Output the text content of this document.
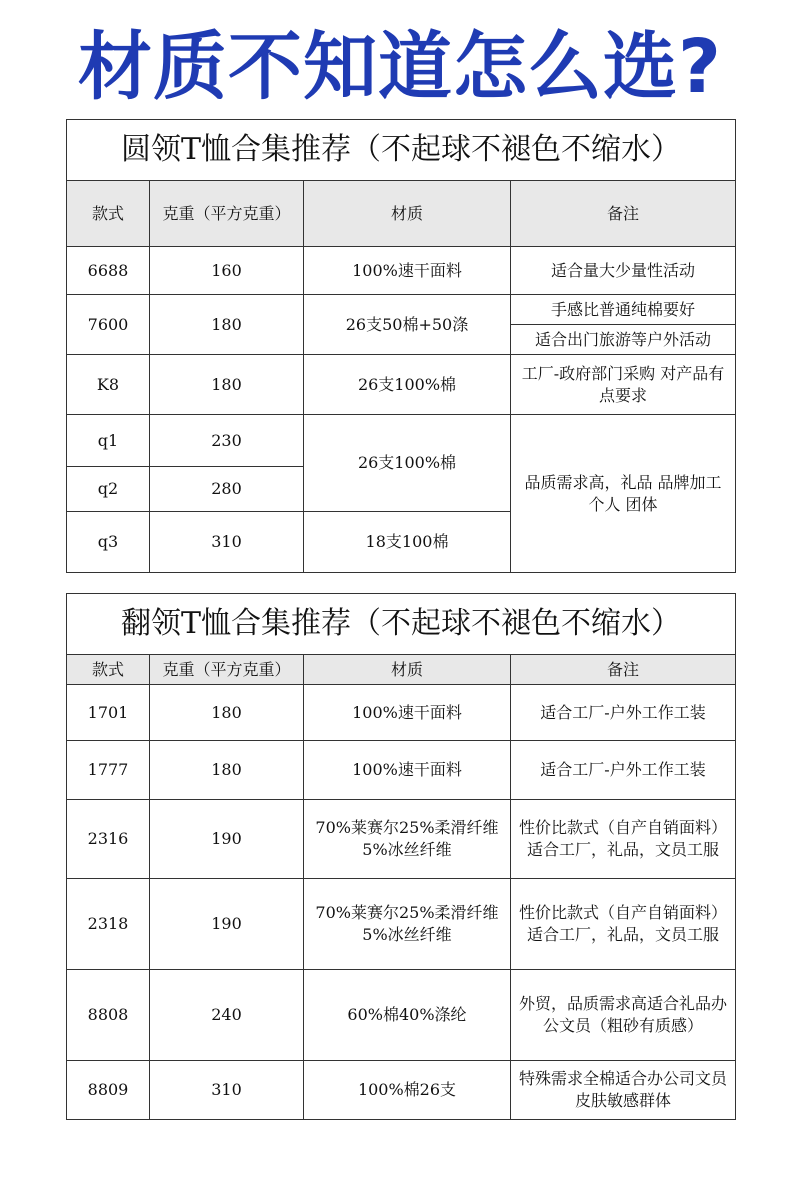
材质不知道怎么选?
圆领T恤合集推荐（不起球不褪色不缩水）			
款式	克重（平方克重）	材质	备注
6688	160	100%速干面料	适合量大少量性活动
7600	180	26支50棉+50涤	手感比普通纯棉要好
			适合出门旅游等户外活动
K8	180	26支100%棉	工厂-政府部门采购 对产品有点要求
q1	230	26支100%棉	品质需求高，礼品 品牌加工 个人 团体
q2	280		
q3	310	18支100棉	
翻领T恤合集推荐（不起球不褪色不缩水）			
款式	克重（平方克重）	材质	备注
1701	180	100%速干面料	适合工厂-户外工作工装
1777	180	100%速干面料	适合工厂-户外工作工装
2316	190	70%莱赛尔25%柔滑纤维5%冰丝纤维	性价比款式（自产自销面料）适合工厂，礼品，文员工服
2318	190	70%莱赛尔25%柔滑纤维5%冰丝纤维	性价比款式（自产自销面料）适合工厂，礼品，文员工服
8808	240	60%棉40%涤纶	外贸，品质需求高适合礼品办公文员（粗砂有质感）
8809	310	100%棉26支	特殊需求全棉适合办公司文员皮肤敏感群体
